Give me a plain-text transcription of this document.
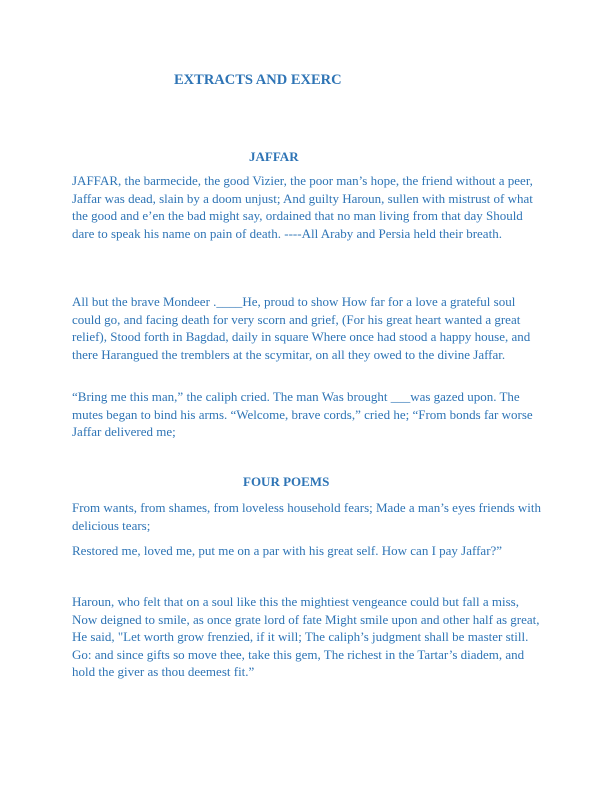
EXTRACTS AND EXERC
JAFFAR

JAFFAR, the barmecide, the good Vizier, the poor man’s hope, the friend without a peer, Jaffar was dead, slain by a doom unjust; And guilty Haroun, sullen with mistrust of what the good and e’en the bad might say, ordained that no man living from that day Should dare to speak his name on pain of death. ----All Araby and Persia held their breath.

All but the brave Mondeer .____He, proud to show How far for a love a grateful soul could go, and facing death for very scorn and grief, (For his great heart wanted a great relief), Stood forth in Bagdad, daily in square Where once had stood a happy house, and there Harangued the tremblers at the scymitar, on all they owed to the divine Jaffar.

“Bring me this man,” the caliph cried. The man Was brought ___was gazed upon. The mutes began to bind his arms. “Welcome, brave cords,” cried he; “From bonds far worse Jaffar delivered me;

FOUR POEMS

From wants, from shames, from loveless household fears; Made a man’s eyes friends with delicious tears;

Restored me, loved me, put me on a par with his great self. How can I pay Jaffar?”

Haroun, who felt that on a soul like this the mightiest vengeance could but fall a miss, Now deigned to smile, as once grate lord of fate Might smile upon and other half as great, He said, "Let worth grow frenzied, if it will; The caliph’s judgment shall be master still. Go: and since gifts so move thee, take this gem, The richest in the Tartar’s diadem, and hold the giver as thou deemest fit.”
